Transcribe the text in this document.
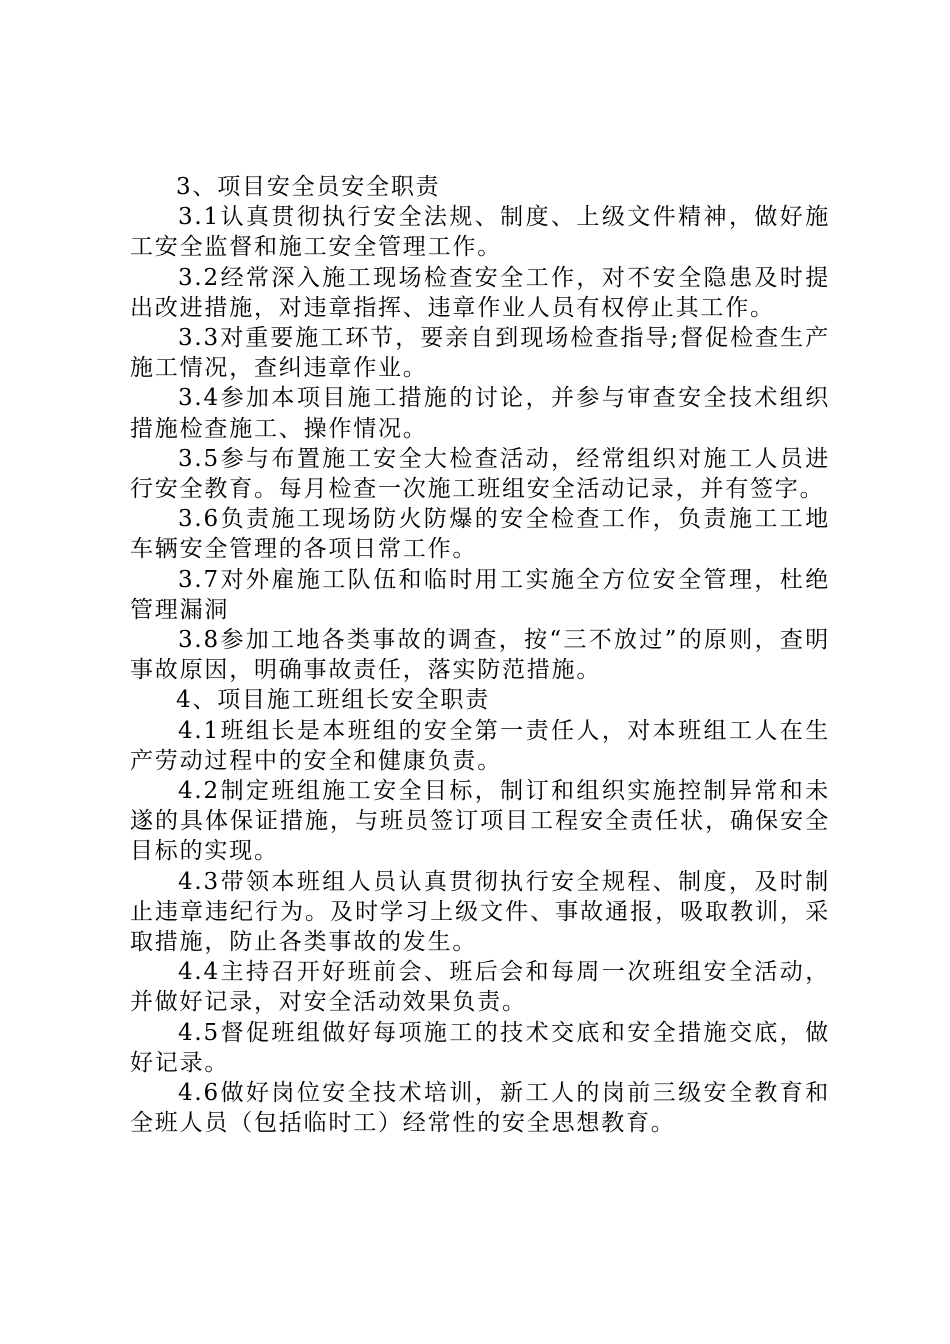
3、项目安全员安全职责

3.1认真贯彻执行安全法规、制度、上级文件精神，做好施工安全监督和施工安全管理工作。

3.2经常深入施工现场检查安全工作，对不安全隐患及时提出改进措施，对违章指挥、违章作业人员有权停止其工作。

3.3对重要施工环节，要亲自到现场检查指导;督促检查生产施工情况，查纠违章作业。

3.4参加本项目施工措施的讨论，并参与审查安全技术组织措施检查施工、操作情况。

3.5参与布置施工安全大检查活动，经常组织对施工人员进行安全教育。每月检查一次施工班组安全活动记录，并有签字。

3.6负责施工现场防火防爆的安全检查工作，负责施工工地车辆安全管理的各项日常工作。

3.7对外雇施工队伍和临时用工实施全方位安全管理，杜绝管理漏洞

3.8参加工地各类事故的调查，按“三不放过”的原则，查明事故原因，明确事故责任，落实防范措施。

4、项目施工班组长安全职责

4.1班组长是本班组的安全第一责任人，对本班组工人在生产劳动过程中的安全和健康负责。

4.2制定班组施工安全目标，制订和组织实施控制异常和未遂的具体保证措施，与班员签订项目工程安全责任状，确保安全目标的实现。

4.3带领本班组人员认真贯彻执行安全规程、制度，及时制止违章违纪行为。及时学习上级文件、事故通报，吸取教训，采取措施，防止各类事故的发生。

4.4主持召开好班前会、班后会和每周一次班组安全活动，并做好记录，对安全活动效果负责。

4.5督促班组做好每项施工的技术交底和安全措施交底，做好记录。

4.6做好岗位安全技术培训，新工人的岗前三级安全教育和全班人员（包括临时工）经常性的安全思想教育。
